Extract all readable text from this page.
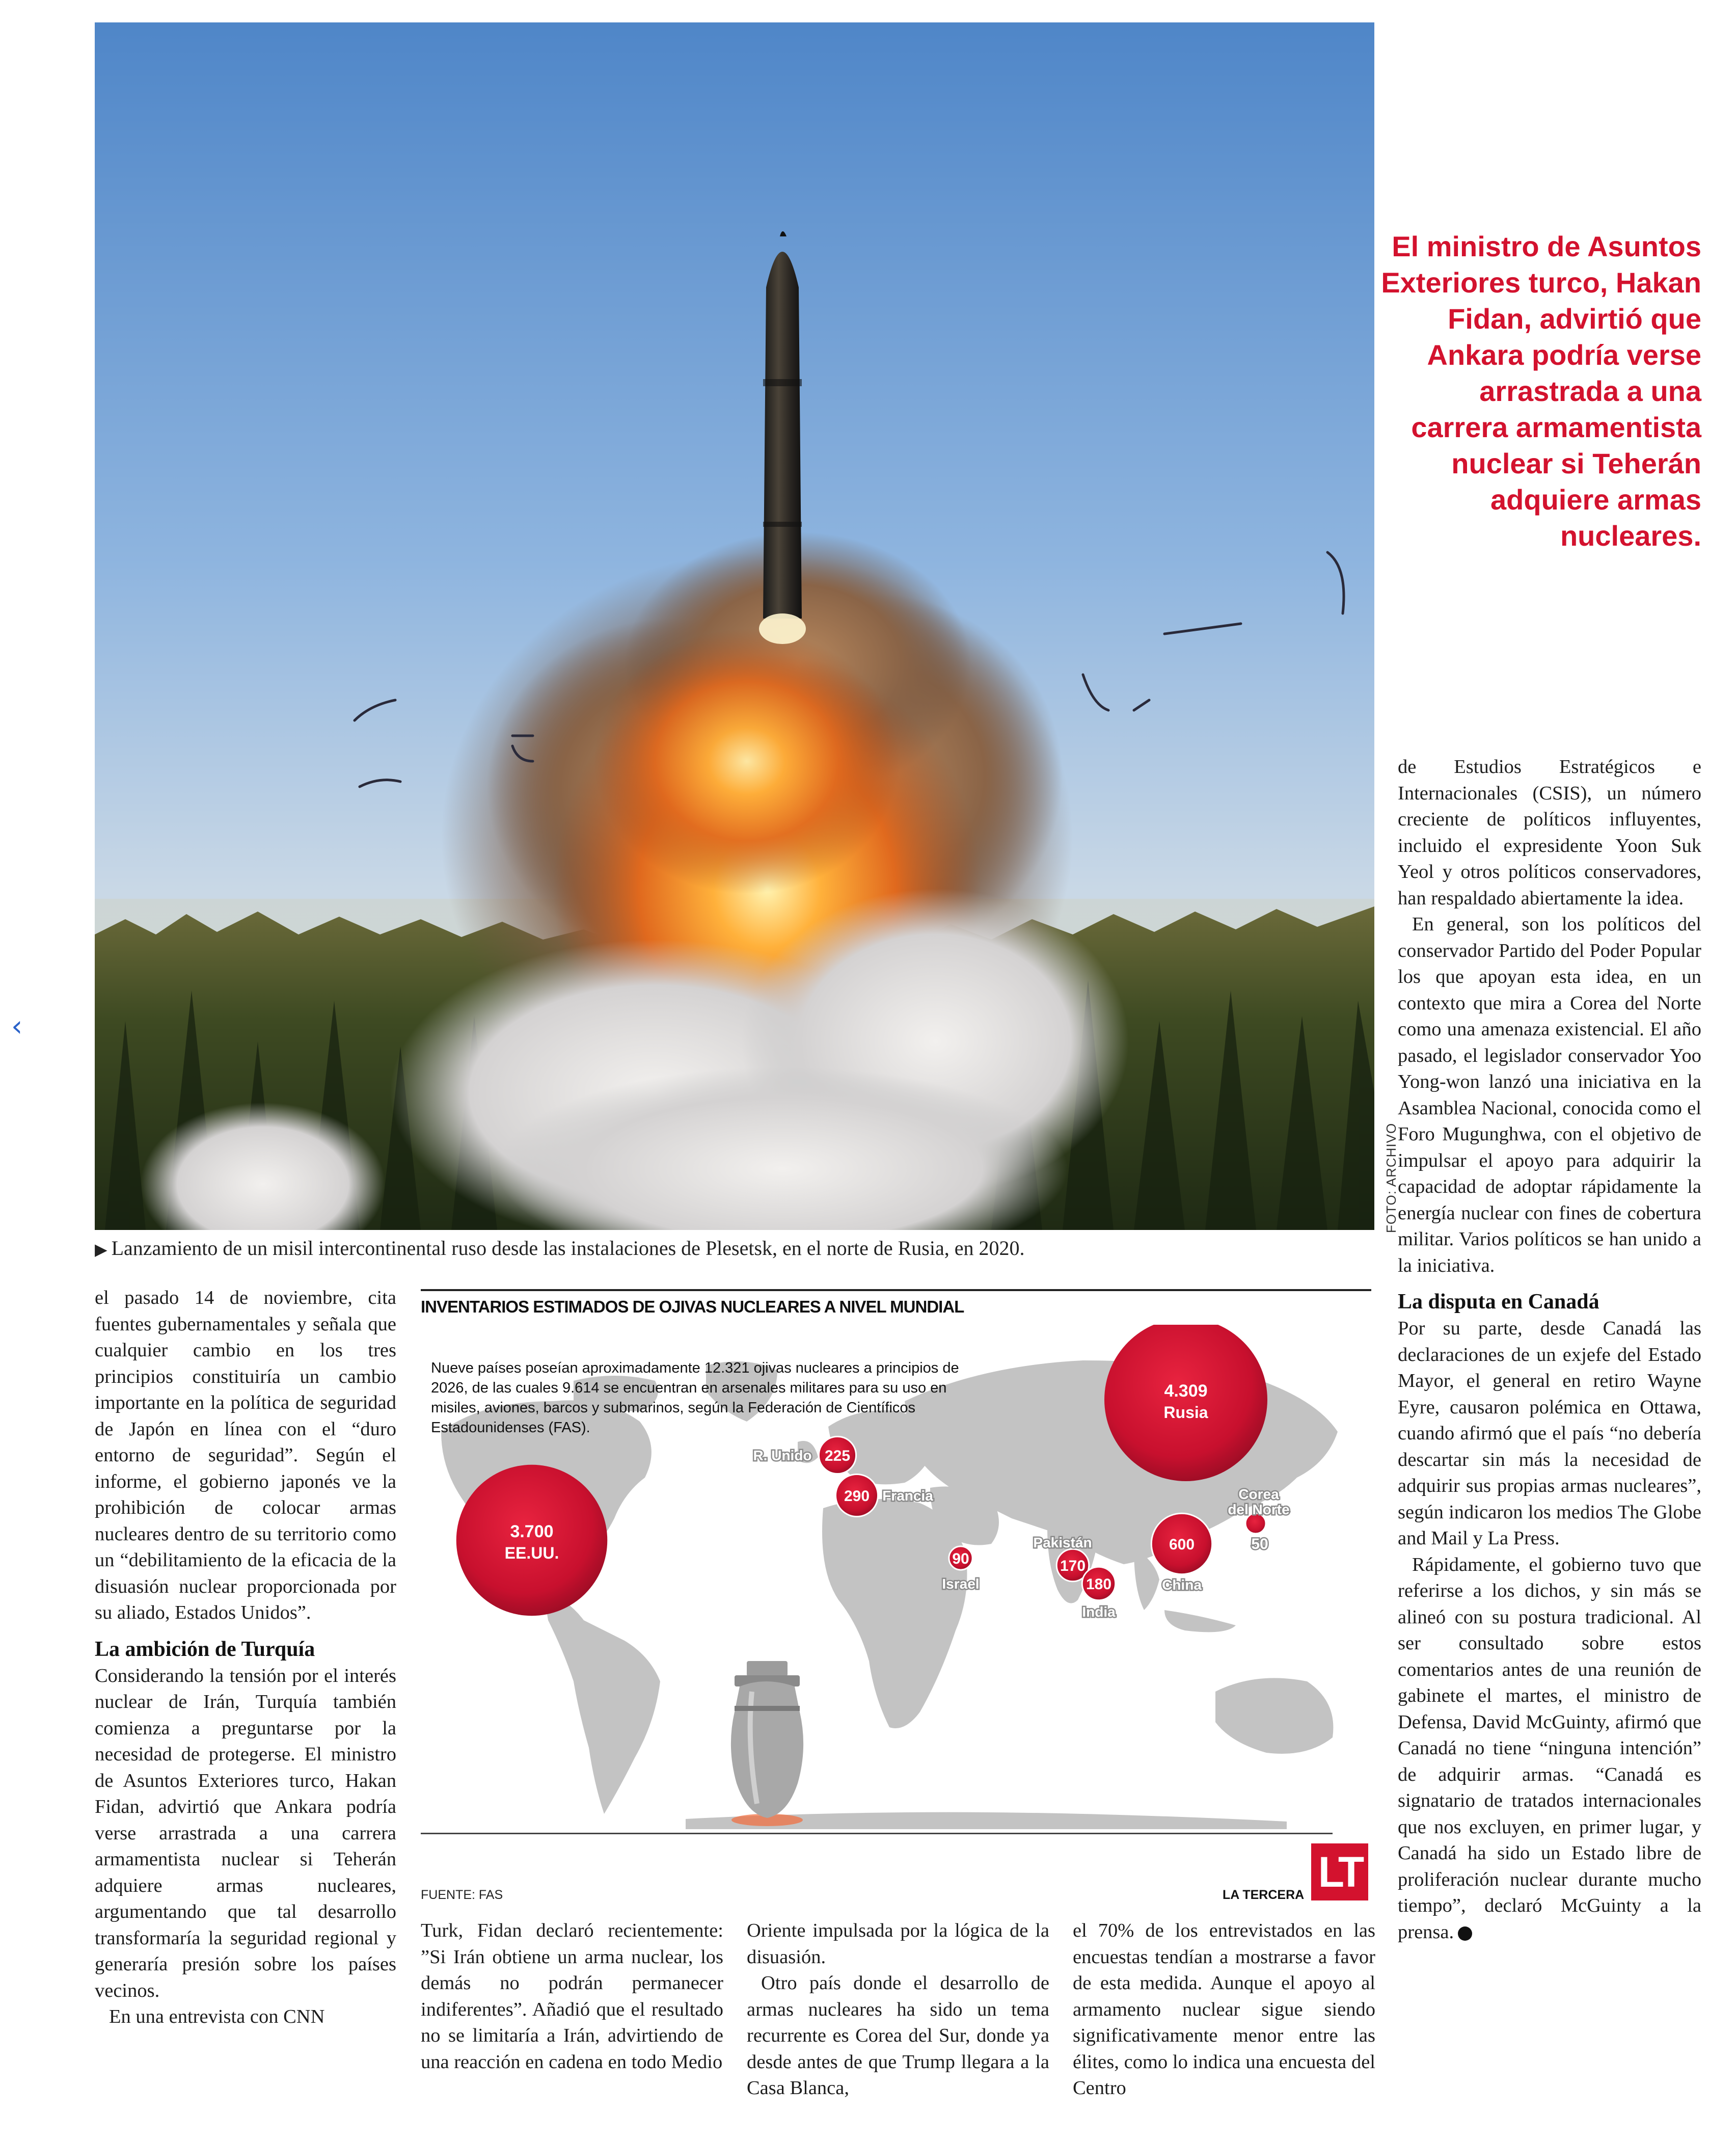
‹
FOTO: ARCHIVO
▶ Lanzamiento de un misil intercontinental ruso desde las instalaciones de Plesetsk, en el norte de Rusia, en 2020.
El ministro de Asuntos Exteriores turco, Hakan Fidan, advirtió que Ankara podría verse arrastrada a una carrera armamentista nuclear si Teherán adquiere armas nucleares.

el pasado 14 de noviembre, cita fuentes gubernamentales y señala que cualquier cambio en los tres principios constituiría un cambio importante en la política de seguridad de Japón en línea con el “duro entorno de seguridad”. Según el informe, el gobierno japonés ve la prohibición de colocar armas nucleares dentro de su territorio como un “debilitamiento de la eficacia de la disuasión nuclear proporcionada por su aliado, Estados Unidos”.

La ambición de Turquía

Considerando la tensión por el interés nuclear de Irán, Turquía también comienza a preguntarse por la necesidad de protegerse. El ministro de Asuntos Exteriores turco, Hakan Fidan, advirtió que Ankara podría verse arrastrada a una carrera armamentista nuclear si Teherán adquiere armas nucleares, argumentando que tal desarrollo transformaría la seguridad regional y generaría presión sobre los países vecinos.

En una entrevista con CNN

Turk, Fidan declaró recientemente: ”Si Irán obtiene un arma nuclear, los demás no podrán permanecer indiferentes”. Añadió que el resultado no se limitaría a Irán, advirtiendo de una reacción en cadena en todo Medio

Oriente impulsada por la lógica de la disuasión.

Otro país donde el desarrollo de armas nucleares ha sido un tema recurrente es Corea del Sur, donde ya desde antes de que Trump llegara a la Casa Blanca,

el 70% de los entrevistados en las encuestas tendían a mostrarse a favor de esta medida. Aunque el apoyo al armamento nuclear sigue siendo significativamente menor entre las élites, como lo indica una encuesta del Centro

de Estudios Estratégicos e Internacionales (CSIS), un número creciente de políticos influyentes, incluido el expresidente Yoon Suk Yeol y otros políticos conservadores, han respaldado abiertamente la idea.

En general, son los políticos del conservador Partido del Poder Popular los que apoyan esta idea, en un contexto que mira a Corea del Norte como una amenaza existencial. El año pasado, el legislador conservador Yoo Yong-won lanzó una iniciativa en la Asamblea Nacional, conocida como el Foro Mugunghwa, con el objetivo de impulsar el apoyo para adquirir la capacidad de adoptar rápidamente la energía nuclear con fines de cobertura militar. Varios políticos se han unido a la iniciativa.

La disputa en Canadá

Por su parte, desde Canadá las declaraciones de un exjefe del Estado Mayor, el general en retiro Wayne Eyre, causaron polémica en Ottawa, cuando afirmó que el país “no debería descartar sin más la necesidad de adquirir sus propias armas nucleares”, según indicaron los medios The Globe and Mail y La Press.

Rápidamente, el gobierno tuvo que referirse a los dichos, y sin más se alineó con su postura tradicional. Al ser consultado sobre estos comentarios antes de una reunión de gabinete el martes, el ministro de Defensa, David McGuinty, afirmó que Canadá no tiene “ninguna intención” de adquirir armas. “Canadá es signatario de tratados internacionales que nos excluyen, en primer lugar, y Canadá ha sido un Estado libre de proliferación nuclear durante mucho tiempo”, declaró McGuinty a la prensa.

INVENTARIOS ESTIMADOS DE OJIVAS NUCLEARES A NIVEL MUNDIAL
Nueve países poseían aproximadamente 12.321 ojivas nucleares a principios de 2026, de las cuales 9.614 se encuentran en arsenales militares para su uso en misiles, aviones, barcos y submarinos, según la Federación de Científicos Estadounidenses (FAS).
FUENTE: FAS	LA TERCERA LT
3.700
EE.UU.
4.309
Rusia
225
R. Unido
290 Francia
90
Israel
170
Pakistán
180
India
600
China
50
Corea
del Norte
